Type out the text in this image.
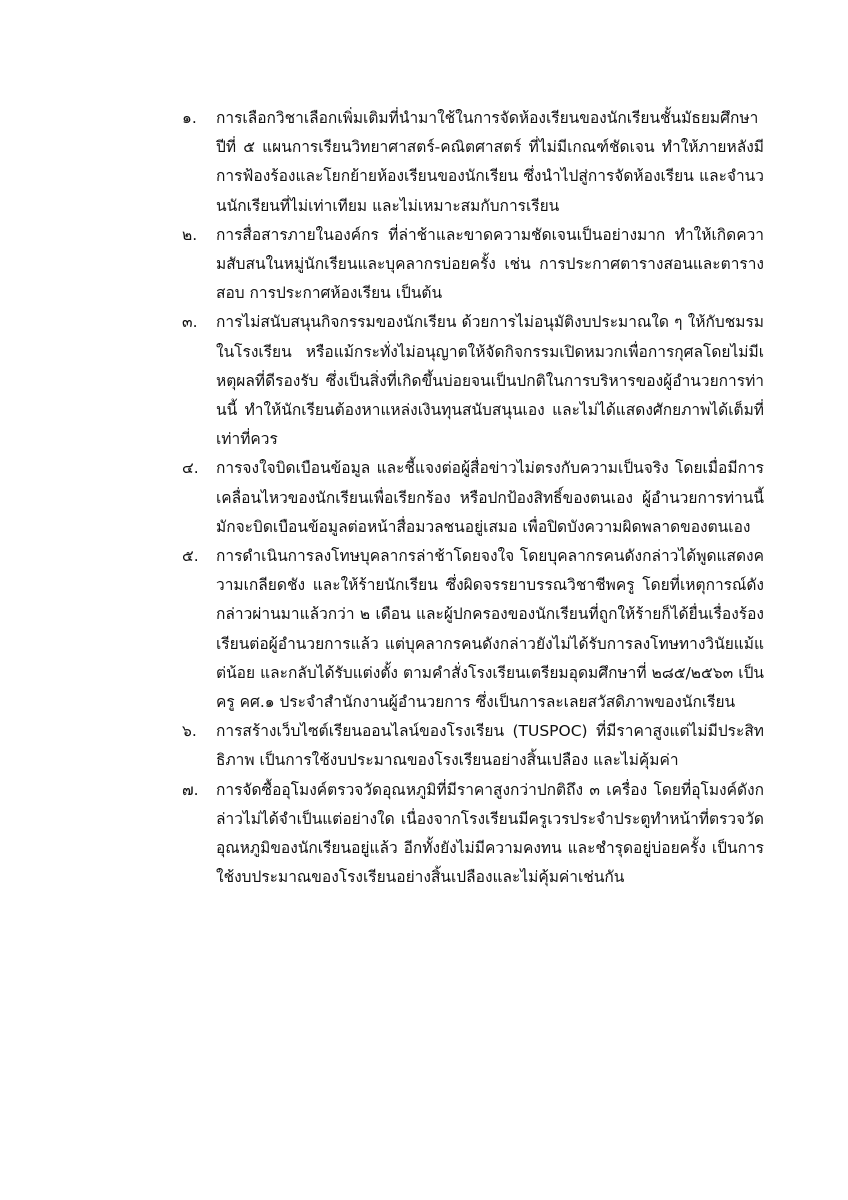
๑.	การเลือกวิชาเลือกเพิ่มเติมที่นำมาใช้ในการจัดห้องเรียนของนักเรียนชั้นมัธยมศึกษาปีที่ ๕ แผนการเรียนวิทยาศาสตร์-คณิตศาสตร์ ที่ไม่มีเกณฑ์ชัดเจน ทำให้ภายหลังมีการฟ้องร้องและโยกย้ายห้องเรียนของนักเรียน ซึ่งนำไปสู่การจัดห้องเรียน และจำนวนนักเรียนที่ไม่เท่าเทียม และไม่เหมาะสมกับการเรียน
๒.	การสื่อสารภายในองค์กร ที่ล่าช้าและขาดความชัดเจนเป็นอย่างมาก ทำให้เกิดความสับสนในหมู่นักเรียนและบุคลากรบ่อยครั้ง เช่น การประกาศตารางสอนและตารางสอบ การประกาศห้องเรียน เป็นต้น
๓.	การไม่สนับสนุนกิจกรรมของนักเรียน ด้วยการไม่อนุมัติงบประมาณใด ๆ ให้กับชมรมในโรงเรียน หรือแม้กระทั่งไม่อนุญาตให้จัดกิจกรรมเปิดหมวกเพื่อการกุศลโดยไม่มีเหตุผลที่ดีรองรับ ซึ่งเป็นสิ่งที่เกิดขึ้นบ่อยจนเป็นปกติในการบริหารของผู้อำนวยการท่านนี้ ทำให้นักเรียนต้องหาแหล่งเงินทุนสนับสนุนเอง และไม่ได้แสดงศักยภาพได้เต็มที่เท่าที่ควร
๔.	การจงใจบิดเบือนข้อมูล และชี้แจงต่อผู้สื่อข่าวไม่ตรงกับความเป็นจริง โดยเมื่อมีการเคลื่อนไหวของนักเรียนเพื่อเรียกร้อง หรือปกป้องสิทธิ์ของตนเอง ผู้อำนวยการท่านนี้มักจะบิดเบือนข้อมูลต่อหน้าสื่อมวลชนอยู่เสมอ เพื่อปิดบังความผิดพลาดของตนเอง
๕.	การดำเนินการลงโทษบุคลากรล่าช้าโดยจงใจ โดยบุคลากรคนดังกล่าวได้พูดแสดงความเกลียดชัง และให้ร้ายนักเรียน ซึ่งผิดจรรยาบรรณวิชาชีพครู โดยที่เหตุการณ์ดังกล่าวผ่านมาแล้วกว่า ๒ เดือน และผู้ปกครองของนักเรียนที่ถูกให้ร้ายก็ได้ยื่นเรื่องร้องเรียนต่อผู้อำนวยการแล้ว แต่บุคลากรคนดังกล่าวยังไม่ได้รับการลงโทษทางวินัยแม้แต่น้อย และกลับได้รับแต่งตั้ง ตามคำสั่งโรงเรียนเตรียมอุดมศึกษาที่ ๒๘๕/๒๕๖๓ เป็น ครู คศ.๑ ประจำสำนักงานผู้อำนวยการ ซึ่งเป็นการละเลยสวัสดิภาพของนักเรียน
๖.	การสร้างเว็บไซต์เรียนออนไลน์ของโรงเรียน (TUSPOC) ที่มีราคาสูงแต่ไม่มีประสิทธิภาพ เป็นการใช้งบประมาณของโรงเรียนอย่างสิ้นเปลือง และไม่คุ้มค่า
๗.	การจัดซื้ออุโมงค์ตรวจวัดอุณหภูมิที่มีราคาสูงกว่าปกติถึง ๓ เครื่อง โดยที่อุโมงค์ดังกล่าวไม่ได้จำเป็นแต่อย่างใด เนื่องจากโรงเรียนมีครูเวรประจำประตูทำหน้าที่ตรวจวัดอุณหภูมิของนักเรียนอยู่แล้ว อีกทั้งยังไม่มีความคงทน และชำรุดอยู่บ่อยครั้ง เป็นการใช้งบประมาณของโรงเรียนอย่างสิ้นเปลืองและไม่คุ้มค่าเช่นกัน
